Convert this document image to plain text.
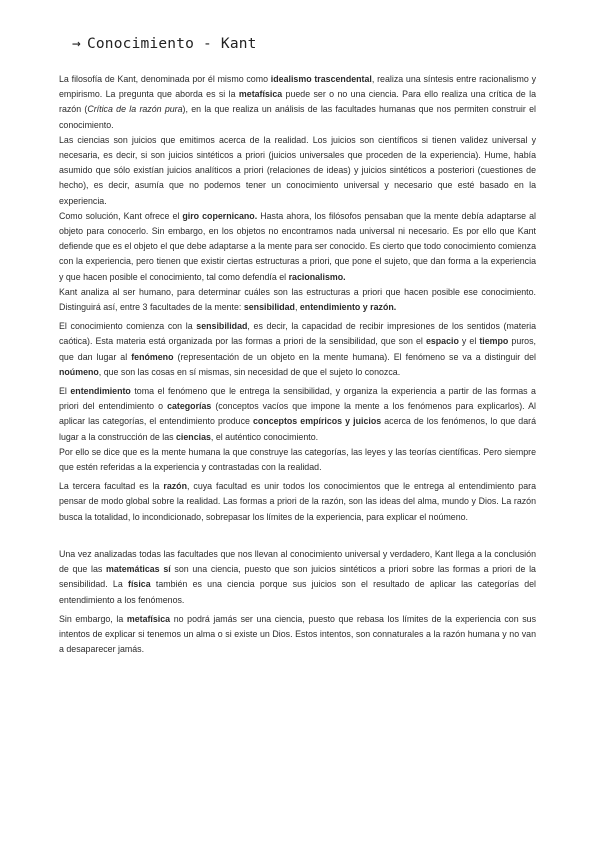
→ Conocimiento - Kant

La filosofía de Kant, denominada por él mismo como idealismo trascendental, realiza una síntesis entre racionalismo y empirismo. La pregunta que aborda es si la metafísica puede ser o no una ciencia. Para ello realiza una crítica de la razón (Crítica de la razón pura), en la que realiza un análisis de las facultades humanas que nos permiten construir el conocimiento.

Las ciencias son juicios que emitimos acerca de la realidad. Los juicios son científicos si tienen validez universal y necesaria, es decir, si son juicios sintéticos a priori (juicios universales que proceden de la experiencia). Hume, había asumido que sólo existían juicios analíticos a priori (relaciones de ideas) y juicios sintéticos a posteriori (cuestiones de hecho), es decir, asumía que no podemos tener un conocimiento universal y necesario que esté basado en la experiencia.

Como solución, Kant ofrece el giro copernicano. Hasta ahora, los filósofos pensaban que la mente debía adaptarse al objeto para conocerlo. Sin embargo, en los objetos no encontramos nada universal ni necesario. Es por ello que Kant defiende que es el objeto el que debe adaptarse a la mente para ser conocido. Es cierto que todo conocimiento comienza con la experiencia, pero tienen que existir ciertas estructuras a priori, que pone el sujeto, que dan forma a la experiencia y que hacen posible el conocimiento, tal como defendía el racionalismo.

Kant analiza al ser humano, para determinar cuáles son las estructuras a priori que hacen posible ese conocimiento. Distinguirá así, entre 3 facultades de la mente: sensibilidad, entendimiento y razón.

El conocimiento comienza con la sensibilidad, es decir, la capacidad de recibir impresiones de los sentidos (materia caótica). Esta materia está organizada por las formas a priori de la sensibilidad, que son el espacio y el tiempo puros, que dan lugar al fenómeno (representación de un objeto en la mente humana). El fenómeno se va a distinguir del noúmeno, que son las cosas en sí mismas, sin necesidad de que el sujeto lo conozca.

El entendimiento toma el fenómeno que le entrega la sensibilidad, y organiza la experiencia a partir de las formas a priori del entendimiento o categorías (conceptos vacíos que impone la mente a los fenómenos para explicarlos). Al aplicar las categorías, el entendimiento produce conceptos empíricos y juicios acerca de los fenómenos, lo que dará lugar a la construcción de las ciencias, el auténtico conocimiento.

Por ello se dice que es la mente humana la que construye las categorías, las leyes y las teorías científicas. Pero siempre que estén referidas a la experiencia y contrastadas con la realidad.

La tercera facultad es la razón, cuya facultad es unir todos los conocimientos que le entrega al entendimiento para pensar de modo global sobre la realidad. Las formas a priori de la razón, son las ideas del alma, mundo y Dios. La razón busca la totalidad, lo incondicionado, sobrepasar los límites de la experiencia, para explicar el noúmeno.

Una vez analizadas todas las facultades que nos llevan al conocimiento universal y verdadero, Kant llega a la conclusión de que las matemáticas sí son una ciencia, puesto que son juicios sintéticos a priori sobre las formas a priori de la sensibilidad. La física también es una ciencia porque sus juicios son el resultado de aplicar las categorías del entendimiento a los fenómenos.

Sin embargo, la metafísica no podrá jamás ser una ciencia, puesto que rebasa los límites de la experiencia con sus intentos de explicar si tenemos un alma o si existe un Dios. Estos intentos, son connaturales a la razón humana y no van a desaparecer jamás.
